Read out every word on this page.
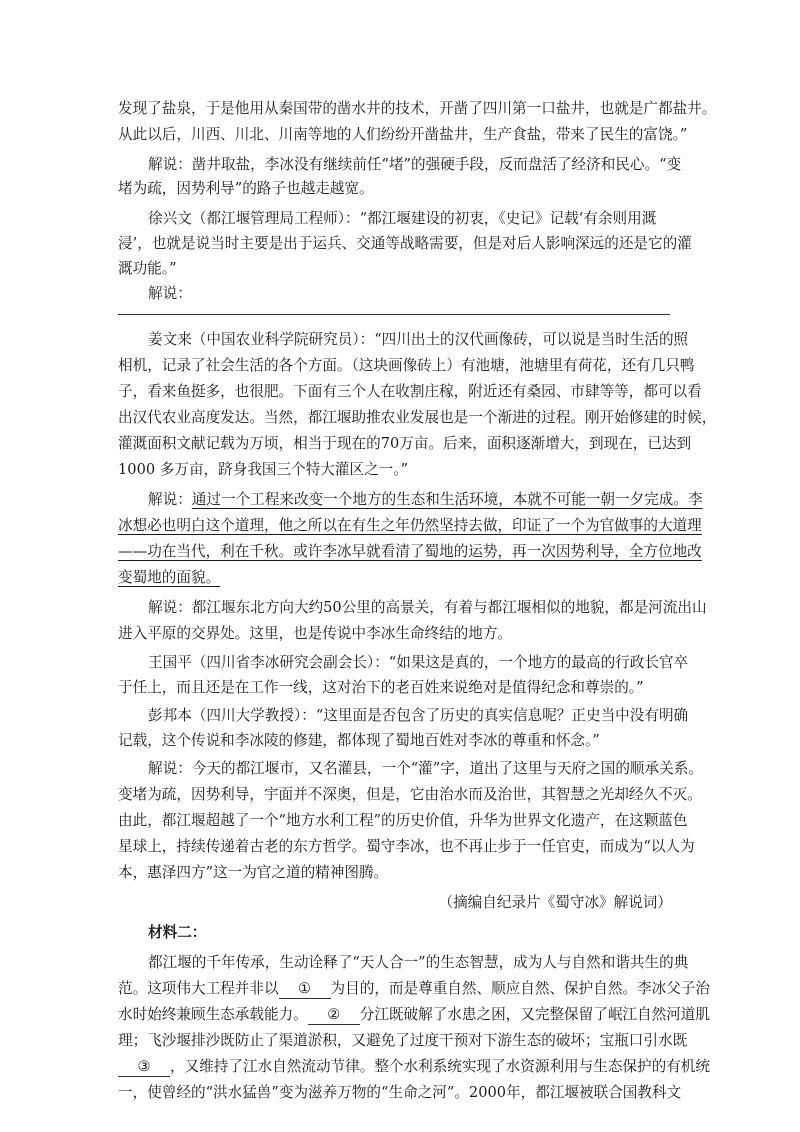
发现了盐泉，于是他用从秦国带的凿水井的技术，开凿了四川第一口盐井，也就是广都盐井。
从此以后，川西、川北、川南等地的人们纷纷开凿盐井，生产食盐，带来了民生的富饶。”
解说：凿井取盐，李冰没有继续前任“堵”的强硬手段，反而盘活了经济和民心。“变
堵为疏，因势利导”的路子也越走越宽。
徐兴文（都江堰管理局工程师）：“都江堰建设的初衷，《史记》记载‘有余则用溉
浸’，也就是说当时主要是出于运兵、交通等战略需要，但是对后人影响深远的还是它的灌
溉功能。”
解说：
姜文来（中国农业科学院研究员）：“四川出土的汉代画像砖，可以说是当时生活的照
相机，记录了社会生活的各个方面。（这块画像砖上）有池塘，池塘里有荷花，还有几只鸭
子，看来鱼挺多，也很肥。下面有三个人在收割庄稼，附近还有桑园、市肆等等，都可以看
出汉代农业高度发达。当然，都江堰助推农业发展也是一个渐进的过程。刚开始修建的时候，
灌溉面积文献记载为万顷，相当于现在的70万亩。后来，面积逐渐增大，到现在，已达到
1000 多万亩，跻身我国三个特大灌区之一。”
解说：通过一个工程来改变一个地方的生态和生活环境，本就不可能一朝一夕完成。李
冰想必也明白这个道理，他之所以在有生之年仍然坚持去做，印证了一个为官做事的大道理
——功在当代，利在千秋。或许李冰早就看清了蜀地的运势，再一次因势利导，全方位地改
变蜀地的面貌。
解说：都江堰东北方向大约50公里的高景关，有着与都江堰相似的地貌，都是河流出山
进入平原的交界处。这里，也是传说中李冰生命终结的地方。
王国平（四川省李冰研究会副会长）：“如果这是真的，一个地方的最高的行政长官卒
于任上，而且还是在工作一线，这对治下的老百姓来说绝对是值得纪念和尊崇的。”
彭邦本（四川大学教授）：“这里面是否包含了历史的真实信息呢？正史当中没有明确
记载，这个传说和李冰陵的修建，都体现了蜀地百姓对李冰的尊重和怀念。”
解说：今天的都江堰市，又名灌县，一个“灌”字，道出了这里与天府之国的顺承关系。
变堵为疏，因势利导，宇面并不深奥，但是，它由治水而及治世，其智慧之光却经久不灭。
由此，都江堰超越了一个“地方水利工程”的历史价值，升华为世界文化遗产，在这颗蓝色
星球上，持续传递着古老的东方哲学。蜀守李冰，也不再止步于一任官吏，而成为“以人为
本，惠泽四方”这一为官之道的精神图腾。
（摘编自纪录片《蜀守冰》解说词）
材料二：
都江堰的千年传承，生动诠释了“天人合一”的生态智慧，成为人与自然和谐共生的典
范。这项伟大工程并非以 ① 为目的，而是尊重自然、顺应自然、保护自然。李冰父子治
水时始终兼顾生态承载能力。 ② 分江既破解了水患之困，又完整保留了岷江自然河道肌
理；飞沙堰排沙既防止了渠道淤积，又避免了过度干预对下游生态的破坏；宝瓶口引水既
③ ，又维持了江水自然流动节律。整个水利系统实现了水资源利用与生态保护的有机统
一，使曾经的“洪水猛兽”变为滋养万物的“生命之河”。2000年，都江堰被联合国教科文
